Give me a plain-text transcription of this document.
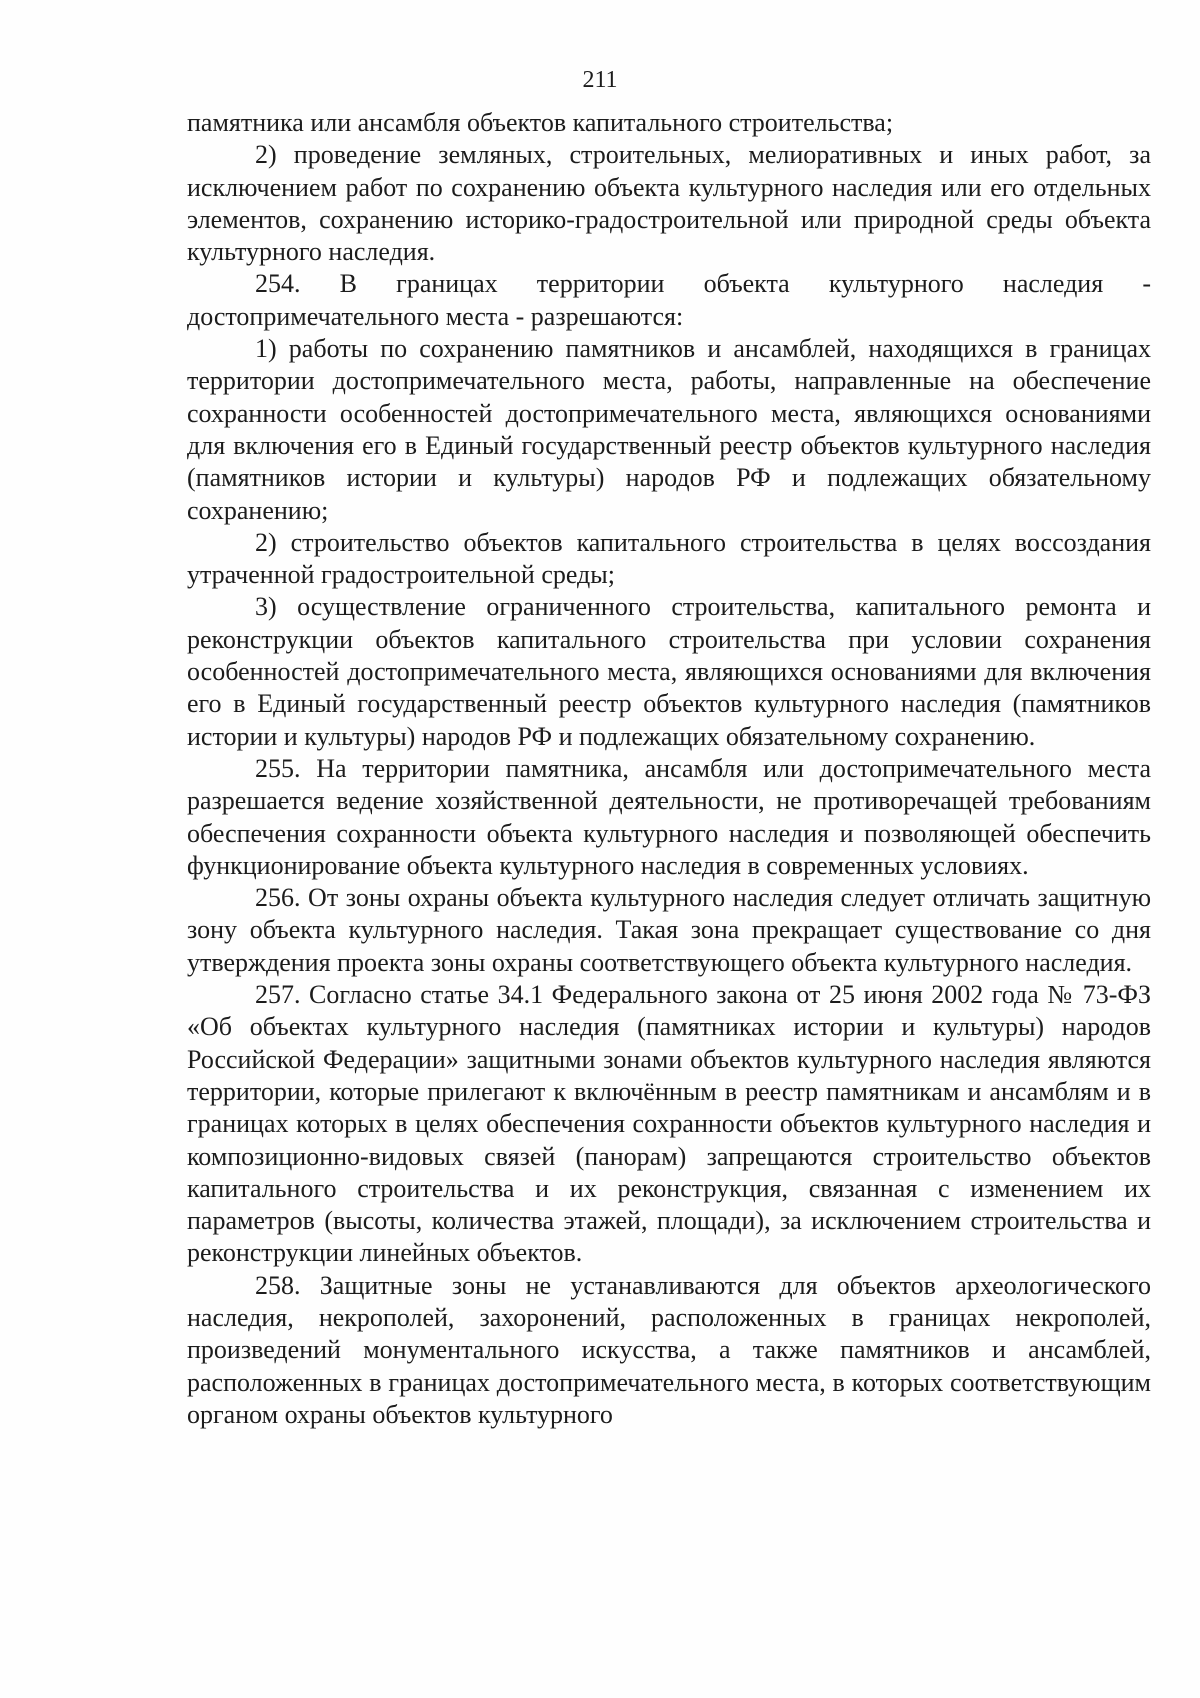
211

памятника или ансамбля объектов капитального строительства;

2) проведение земляных, строительных, мелиоративных и иных работ, за исключением работ по сохранению объекта культурного наследия или его отдельных элементов, сохранению историко-градостроительной или природной среды объекта культурного наследия.

254. В границах территории объекта культурного наследия - достопримечательного места - разрешаются:

1) работы по сохранению памятников и ансамблей, находящихся в границах территории достопримечательного места, работы, направленные на обеспечение сохранности особенностей достопримечательного места, являющихся основаниями для включения его в Единый государственный реестр объектов культурного наследия (памятников истории и культуры) народов РФ и подлежащих обязательному сохранению;

2) строительство объектов капитального строительства в целях воссоздания утраченной градостроительной среды;

3) осуществление ограниченного строительства, капитального ремонта и реконструкции объектов капитального строительства при условии сохранения особенностей достопримечательного места, являющихся основаниями для включения его в Единый государственный реестр объектов культурного наследия (памятников истории и культуры) народов РФ и подлежащих обязательному сохранению.

255. На территории памятника, ансамбля или достопримечательного места разрешается ведение хозяйственной деятельности, не противоречащей требованиям обеспечения сохранности объекта культурного наследия и позволяющей обеспечить функционирование объекта культурного наследия в современных условиях.

256. От зоны охраны объекта культурного наследия следует отличать защитную зону объекта культурного наследия. Такая зона прекращает существование со дня утверждения проекта зоны охраны соответствующего объекта культурного наследия.

257. Согласно статье 34.1 Федерального закона от 25 июня 2002 года № 73-ФЗ «Об объектах культурного наследия (памятниках истории и культуры) народов Российской Федерации» защитными зонами объектов культурного наследия являются территории, которые прилегают к включённым в реестр памятникам и ансамблям и в границах которых в целях обеспечения сохранности объектов культурного наследия и композиционно-видовых связей (панорам) запрещаются строительство объектов капитального строительства и их реконструкция, связанная с изменением их параметров (высоты, количества этажей, площади), за исключением строительства и реконструкции линейных объектов.

258. Защитные зоны не устанавливаются для объектов археологического наследия, некрополей, захоронений, расположенных в границах некрополей, произведений монументального искусства, а также памятников и ансамблей, расположенных в границах достопримечательного места, в которых соответствующим органом охраны объектов культурного
